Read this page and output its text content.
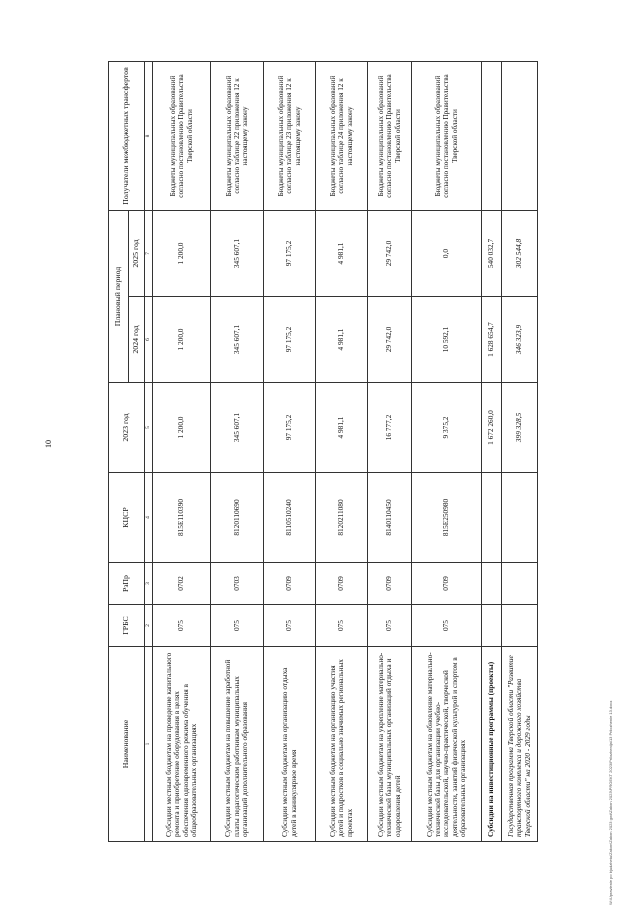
10
Наименование	ГРБС	РзПр	КЦСР	2023 год	Плановый период		Получатели межбюджетных трансфертов
					2024 год	2025 год	
1	2	3	4	5	6	7	8
Субсидии местным бюджетам на проведение капитального ремонта и приобретение оборудования в целях обеспечения одновременного режима обучения в общеобразовательных организациях	075	0702	815Е110390	1 200,0	1 200,0	1 200,0	Бюджеты муниципальных образований согласно постановлению Правительства Тверской области
Субсидии местным бюджетам на повышение заработной платы педагогическим работникам муниципальных организаций дополнительного образования	075	0703	8120110690	345 607,1	345 607,1	345 607,1	Бюджеты муниципальных образований согласно таблице 22 приложения 12 к настоящему закону
Субсидии местным бюджетам на организацию отдыха детей в каникулярное время	075	0709	8110510240	97 175,2	97 175,2	97 175,2	Бюджеты муниципальных образований согласно таблице 23 приложения 12 к настоящему закону
Субсидии местным бюджетам на организацию участия детей и подростков в социально значимых региональных проектах	075	0709	8120211080	4 981,1	4 981,1	4 981,1	Бюджеты муниципальных образований согласно таблице 24 приложения 12 к настоящему закону
Субсидии местным бюджетам на укрепление материально-технической базы муниципальных организаций отдыха и оздоровления детей	075	0709	8140110450	16 777,2	29 742,0	29 742,0	Бюджеты муниципальных образований согласно постановлению Правительства Тверской области
Субсидии местным бюджетам на обновление материально-технической базы для организации учебно-исследовательской, научно-практической, творческой деятельности, занятий физической культурой и спортом в образовательных организациях	075	0709	815Е250980	9 375,2	10 592,1	0,0	Бюджеты муниципальных образований согласно постановлению Правительства Тверской области
Субсидии на инвестиционные программы (проекты)				1 672 260,0	1 628 654,7	540 032,7	
Государственная программа Тверской области "Развитие транспортного комплекса и дорожного хозяйства Тверской области" на 2020 - 2029 годы				399 328,5	346 323,9	302 544,8	
W:\Upravlenie po bjudzhetu\Zakon\Zakon 2023 god\Zakon 2023\PROEKT 2023\Prilozhenija\13 Prilozhenie 13.docx
